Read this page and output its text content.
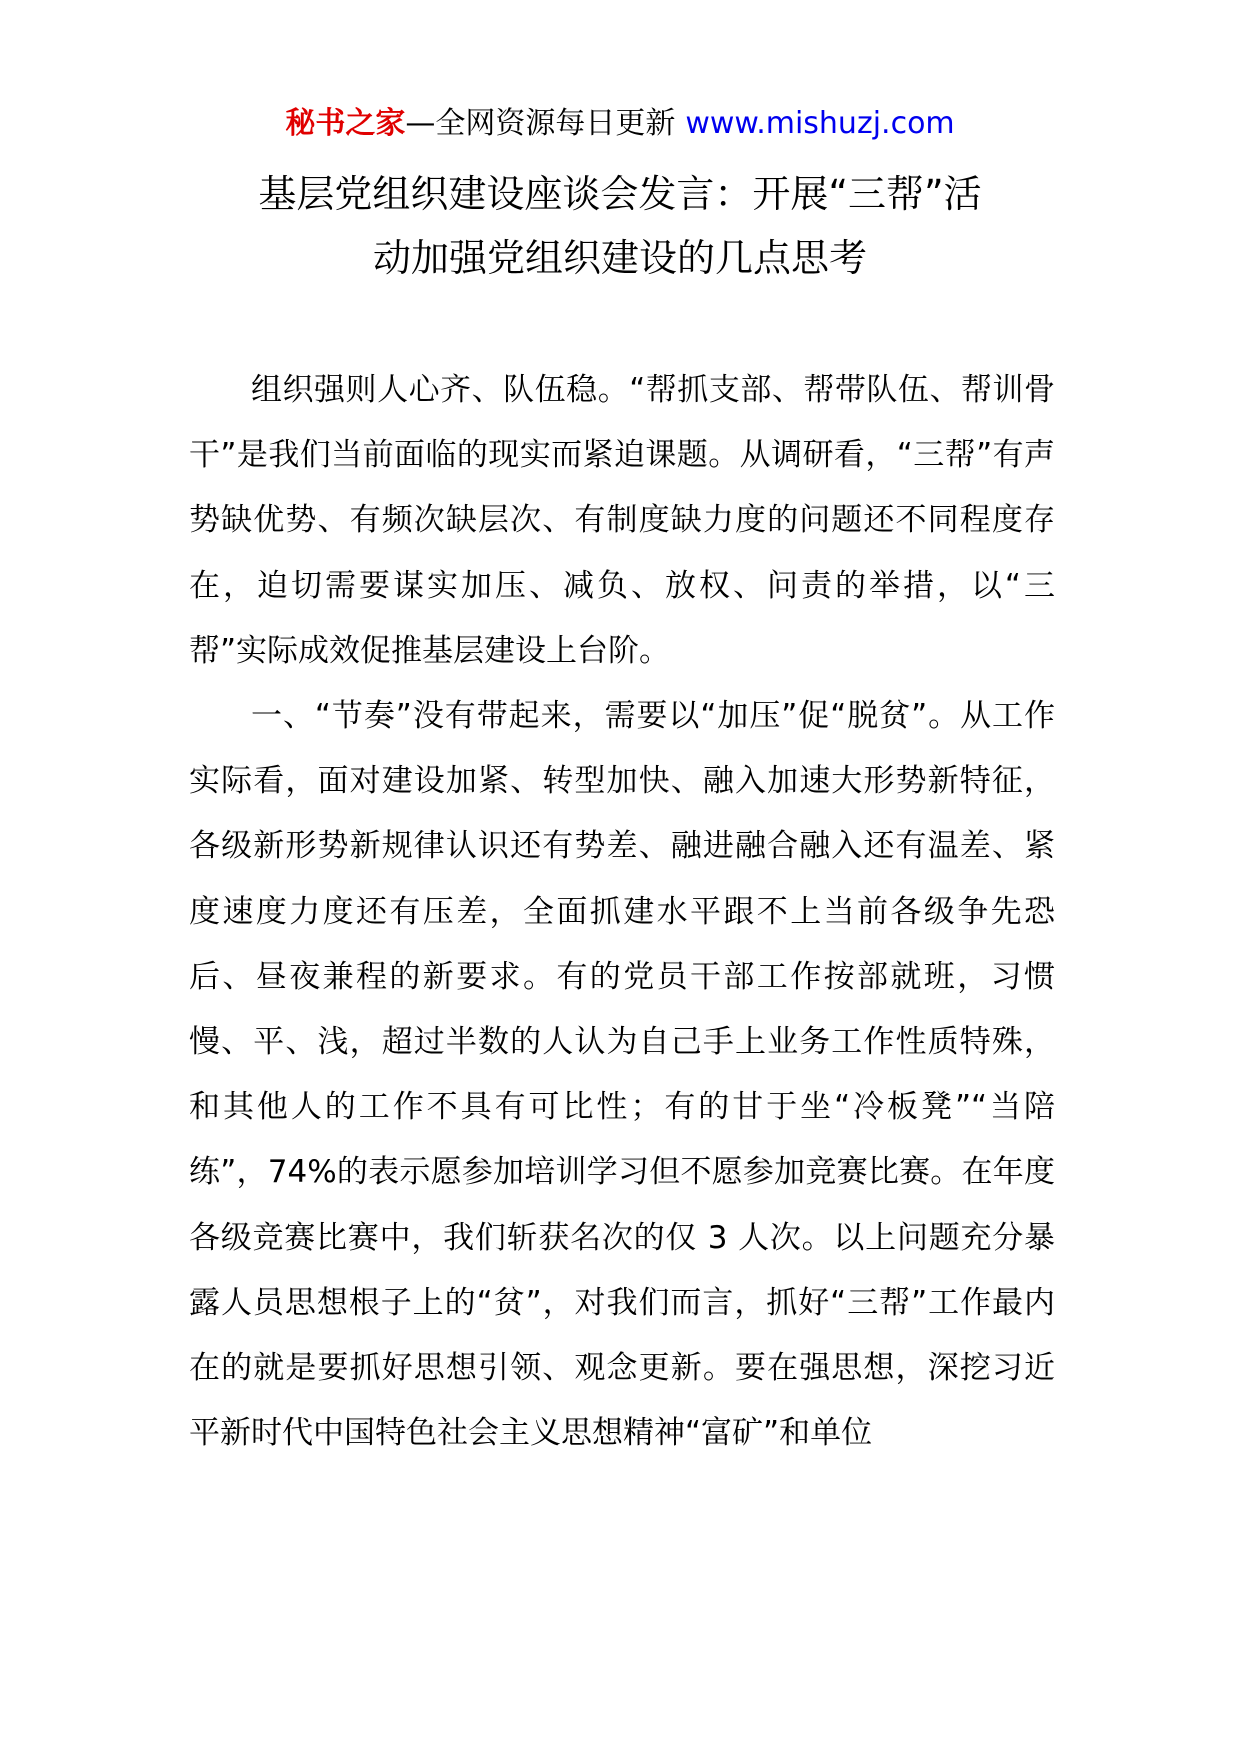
秘书之家—全网资源每日更新 www.mishuzj.com
基层党组织建设座谈会发言：开展“三帮”活
动加强党组织建设的几点思考

组织强则人心齐、队伍稳。“帮抓支部、帮带队伍、帮训骨干”是我们当前面临的现实而紧迫课题。从调研看，“三帮”有声势缺优势、有频次缺层次、有制度缺力度的问题还不同程度存在，迫切需要谋实加压、减负、放权、问责的举措，以“三帮”实际成效促推基层建设上台阶。

一、“节奏”没有带起来，需要以“加压”促“脱贫”。从工作实际看，面对建设加紧、转型加快、融入加速大形势新特征，各级新形势新规律认识还有势差、融进融合融入还有温差、紧度速度力度还有压差，全面抓建水平跟不上当前各级争先恐后、昼夜兼程的新要求。有的党员干部工作按部就班，习惯慢、平、浅，超过半数的人认为自己手上业务工作性质特殊，和其他人的工作不具有可比性；有的甘于坐“冷板凳”“当陪练”，74%的表示愿参加培训学习但不愿参加竞赛比赛。在年度各级竞赛比赛中，我们斩获名次的仅 3 人次。以上问题充分暴露人员思想根子上的“贫”，对我们而言，抓好“三帮”工作最内在的就是要抓好思想引领、观念更新。要在强思想，深挖习近平新时代中国特色社会主义思想精神“富矿”和单位
